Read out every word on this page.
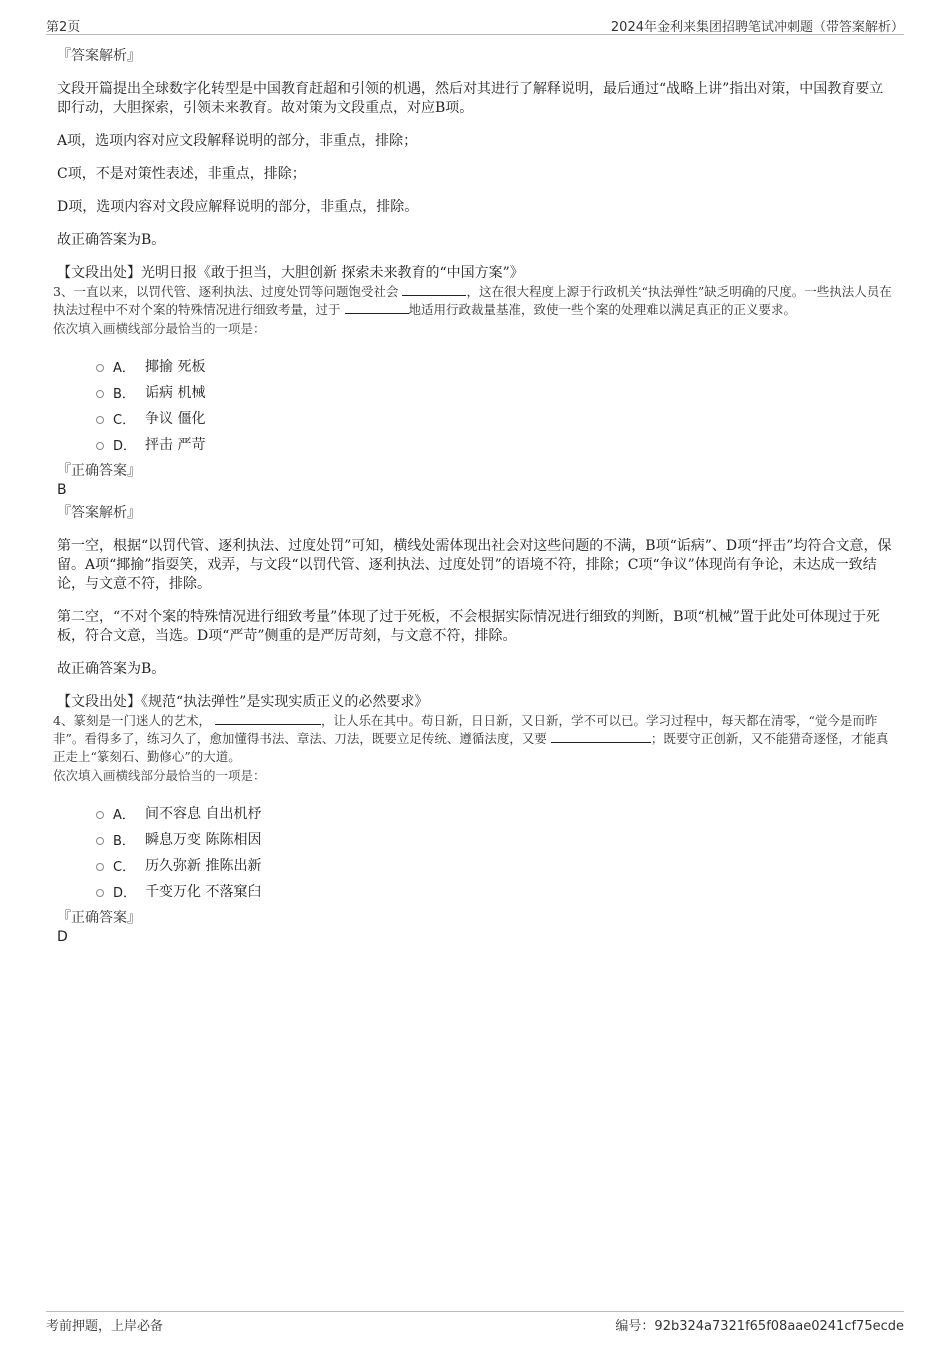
第2页	2024年金利来集团招聘笔试冲刺题（带答案解析）

『答案解析』

文段开篇提出全球数字化转型是中国教育赶超和引领的机遇，然后对其进行了解释说明，最后通过“战略上讲”指出对策，中国教育要立即行动，大胆探索，引领未来教育。故对策为文段重点，对应B项。

A项，选项内容对应文段解释说明的部分，非重点，排除；

C项，不是对策性表述，非重点，排除；

D项，选项内容对文段应解释说明的部分，非重点，排除。

故正确答案为B。

【文段出处】光明日报《敢于担当，大胆创新 探索未来教育的“中国方案”》

3、一直以来，以罚代管、逐利执法、过度处罚等问题饱受社会	，这在很大程度上源于行政机关“执法弹性”缺乏明确的尺度。一些执法人员在执法过程中不对个案的特殊情况进行细致考量，过于	地适用行政裁量基准，致使一些个案的处理难以满足真正的正义要求。

依次填入画横线部分最恰当的一项是：

A． 揶揄 死板
B． 诟病 机械
C． 争议 僵化
D． 抨击 严苛

『正确答案』

B

『答案解析』

第一空，根据“以罚代管、逐利执法、过度处罚”可知，横线处需体现出社会对这些问题的不满，B项“诟病”、D项“抨击”均符合文意，保留。A项“揶揄”指耍笑，戏弄，与文段“以罚代管、逐利执法、过度处罚”的语境不符，排除；C项“争议”体现尚有争论，未达成一致结论，与文意不符，排除。

第二空，“不对个案的特殊情况进行细致考量”体现了过于死板，不会根据实际情况进行细致的判断，B项“机械”置于此处可体现过于死板，符合文意，当选。D项“严苛”侧重的是严厉苛刻，与文意不符，排除。

故正确答案为B。

【文段出处】《规范“执法弹性”是实现实质正义的必然要求》

4、篆刻是一门迷人的艺术，	，让人乐在其中。苟日新，日日新，又日新，学不可以已。学习过程中，每天都在清零，“觉今是而昨非”。看得多了，练习久了，愈加懂得书法、章法、刀法，既要立足传统、遵循法度，又要	；既要守正创新，又不能猎奇逐怪，才能真正走上“篆刻石、勤修心”的大道。

依次填入画横线部分最恰当的一项是：

A． 间不容息 自出机杼
B． 瞬息万变 陈陈相因
C． 历久弥新 推陈出新
D． 千变万化 不落窠臼

『正确答案』

D

考前押题，上岸必备	编号：92b324a7321f65f08aae0241cf75ecde
